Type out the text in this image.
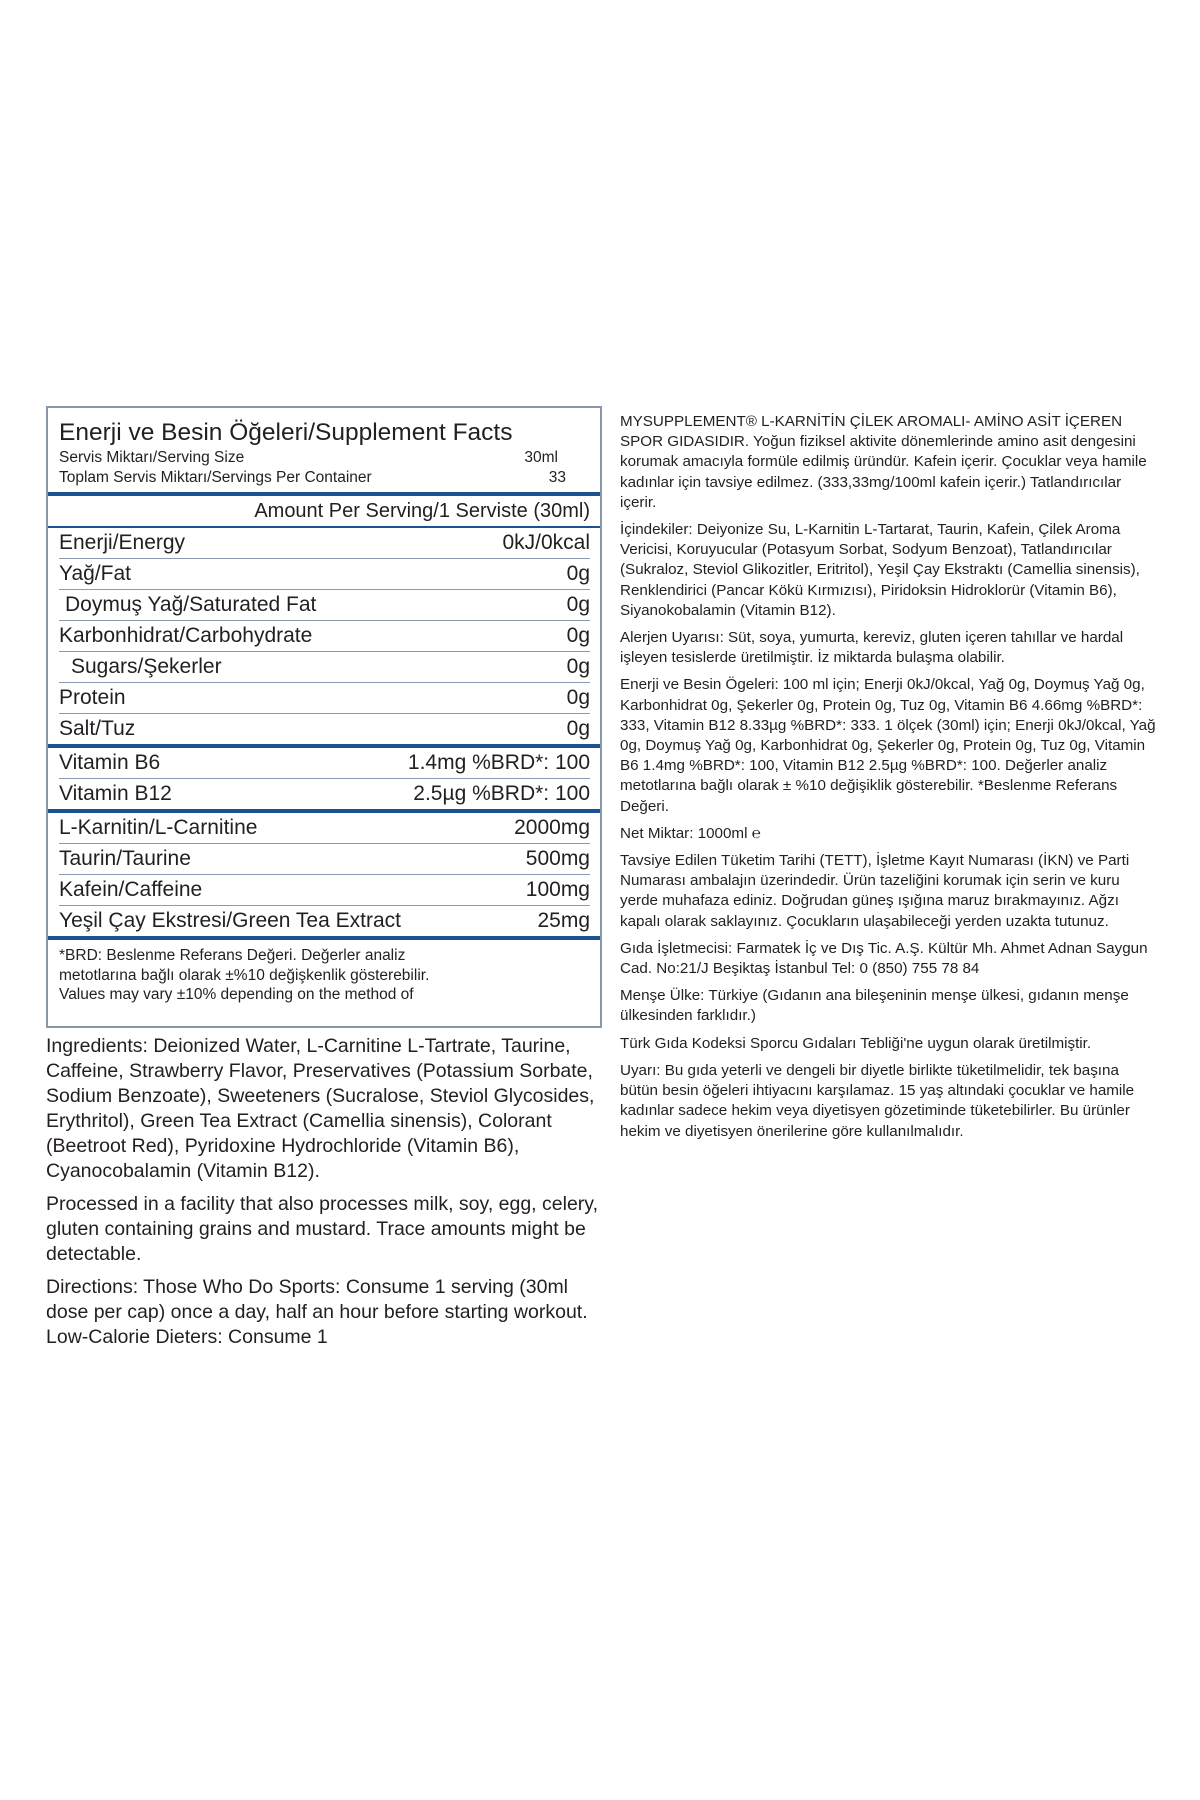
Enerji ve Besin Öğeleri/Supplement Facts
Servis Miktarı/Serving Size	30ml
Toplam Servis Miktarı/Servings Per Container	33
Amount Per Serving/1 Serviste (30ml)
Enerji/Energy	0kJ/0kcal
Yağ/Fat	0g
Doymuş Yağ/Saturated Fat	0g
Karbonhidrat/Carbohydrate	0g
Sugars/Şekerler	0g
Protein	0g
Salt/Tuz	0g
Vitamin B6	1.4mg %BRD*: 100
Vitamin B12	2.5µg %BRD*: 100
L-Karnitin/L-Carnitine	2000mg
Taurin/Taurine	500mg
Kafein/Caffeine	100mg
Yeşil Çay Ekstresi/Green Tea Extract	25mg
*BRD: Beslenme Referans Değeri. Değerler analiz
metotlarına bağlı olarak ±%10 değişkenlik gösterebilir.
Values may vary ±10% depending on the method of

Ingredients: Deionized Water, L-Carnitine L-Tartrate, Taurine, Caffeine, Strawberry Flavor, Preservatives (Potassium Sorbate, Sodium Benzoate), Sweeteners (Sucralose, Steviol Glycosides, Erythritol), Green Tea Extract (Camellia sinensis), Colorant (Beetroot Red), Pyridoxine Hydrochloride (Vitamin B6), Cyanocobalamin (Vitamin B12).

Processed in a facility that also processes milk, soy, egg, celery, gluten containing grains and mustard. Trace amounts might be detectable.

Directions: Those Who Do Sports: Consume 1 serving (30ml dose per cap) once a day, half an hour before starting workout. Low-Calorie Dieters: Consume 1

MYSUPPLEMENT® L-KARNİTİN ÇİLEK AROMALI- AMİNO ASİT İÇEREN SPOR GIDASIDIR. Yoğun fiziksel aktivite dönemlerinde amino asit dengesini korumak amacıyla formüle edilmiş üründür. Kafein içerir. Çocuklar veya hamile kadınlar için tavsiye edilmez. (333,33mg/100ml kafein içerir.) Tatlandırıcılar içerir.

İçindekiler: Deiyonize Su, L-Karnitin L-Tartarat, Taurin, Kafein, Çilek Aroma Vericisi, Koruyucular (Potasyum Sorbat, Sodyum Benzoat), Tatlandırıcılar (Sukraloz, Steviol Glikozitler, Eritritol), Yeşil Çay Ekstraktı (Camellia sinensis), Renklendirici (Pancar Kökü Kırmızısı), Piridoksin Hidroklorür (Vitamin B6), Siyanokobalamin (Vitamin B12).

Alerjen Uyarısı: Süt, soya, yumurta, kereviz, gluten içeren tahıllar ve hardal işleyen tesislerde üretilmiştir. İz miktarda bulaşma olabilir.

Enerji ve Besin Ögeleri: 100 ml için; Enerji 0kJ/0kcal, Yağ 0g, Doymuş Yağ 0g, Karbonhidrat 0g, Şekerler 0g, Protein 0g, Tuz 0g, Vitamin B6 4.66mg %BRD*: 333, Vitamin B12 8.33µg %BRD*: 333. 1 ölçek (30ml) için; Enerji 0kJ/0kcal, Yağ 0g, Doymuş Yağ 0g, Karbonhidrat 0g, Şekerler 0g, Protein 0g, Tuz 0g, Vitamin B6 1.4mg %BRD*: 100, Vitamin B12 2.5µg %BRD*: 100. Değerler analiz metotlarına bağlı olarak ± %10 değişiklik gösterebilir. *Beslenme Referans Değeri.

Net Miktar: 1000ml ℮

Tavsiye Edilen Tüketim Tarihi (TETT), İşletme Kayıt Numarası (İKN) ve Parti Numarası ambalajın üzerindedir. Ürün tazeliğini korumak için serin ve kuru yerde muhafaza ediniz. Doğrudan güneş ışığına maruz bırakmayınız. Ağzı kapalı olarak saklayınız. Çocukların ulaşabileceği yerden uzakta tutunuz.

Gıda İşletmecisi: Farmatek İç ve Dış Tic. A.Ş. Kültür Mh. Ahmet Adnan Saygun Cad. No:21/J Beşiktaş İstanbul Tel: 0 (850) 755 78 84

Menşe Ülke: Türkiye (Gıdanın ana bileşeninin menşe ülkesi, gıdanın menşe ülkesinden farklıdır.)

Türk Gıda Kodeksi Sporcu Gıdaları Tebliği'ne uygun olarak üretilmiştir.

Uyarı: Bu gıda yeterli ve dengeli bir diyetle birlikte tüketilmelidir, tek başına bütün besin öğeleri ihtiyacını karşılamaz. 15 yaş altındaki çocuklar ve hamile kadınlar sadece hekim veya diyetisyen gözetiminde tüketebilirler. Bu ürünler hekim ve diyetisyen önerilerine göre kullanılmalıdır.
